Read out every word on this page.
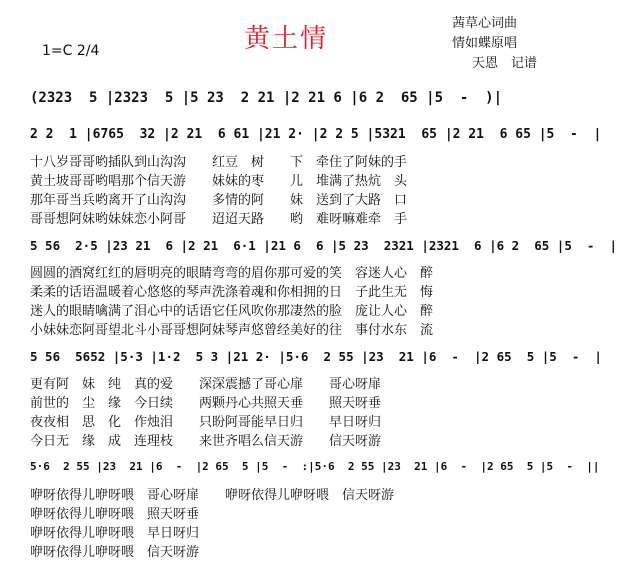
黄土情
茜草心词曲
情如蝶原唱
天恩　记谱
1=C 2/4
(2323  5 |2323  5 |5 23  2 21 |2 21 6 |6 2  65 |5  -  )|
2 2  1 |6765  32 |2 21  6 61 |21 2· |2 2 5 |5321  65 |2 21  6 65 |5  -  |
十八岁哥哥哟插队到山沟沟　　红豆　树　　下　牵住了阿妹的手
黄土坡哥哥哟唱那个信天游　　妹妹的枣　　儿　堆满了热炕　头
那年哥当兵哟离开了山沟沟　　多情的阿　　妹　送到了大路　口
哥哥想阿妹哟妹妹恋小阿哥　　迢迢天路　　哟　难呀嘛难牵　手
5 56  2·5 |23 21  6 |2 21  6·1 |21 6  6 |5 23  2321 |2321  6 |6 2  65 |5  -  |
圆圆的酒窝红红的唇明亮的眼睛弯弯的眉你那可爱的笑　容迷人心　醉
柔柔的话语温暖着心悠悠的琴声洗涤着魂和你相拥的日　子此生无　悔
迷人的眼睛噙满了泪心中的话语它任风吹你那凄然的脸　庞让人心　醉
小妹妹恋阿哥望北斗小哥哥想阿妹琴声悠曾经美好的往　事付水东　流
5 56  5652 |5·3 |1·2  5 3 |21 2· |5·6  2 55 |23  21 |6  -  |2 65  5 |5  -  |
更有阿　妹　纯　真的爱　　深深震撼了哥心扉　　哥心呀扉
前世的　尘　缘　今日续　　两颗丹心共照天垂　　照天呀垂
夜夜相　思　化　作烛泪　　只盼阿哥能早日归　　早日呀归
今日无　缘　成　连理枝　　来世齐唱么信天游　　信天呀游
5·6  2 55 |23  21 |6  -  |2 65  5 |5  -  :|5·6  2 55 |23  21 |6  -  |2 65  5 |5  -  ||
咿呀依得儿咿呀喂　哥心呀扉　　咿呀依得儿咿呀喂　信天呀游
咿呀依得儿咿呀喂　照天呀垂
咿呀依得儿咿呀喂　早日呀归
咿呀依得儿咿呀喂　信天呀游
